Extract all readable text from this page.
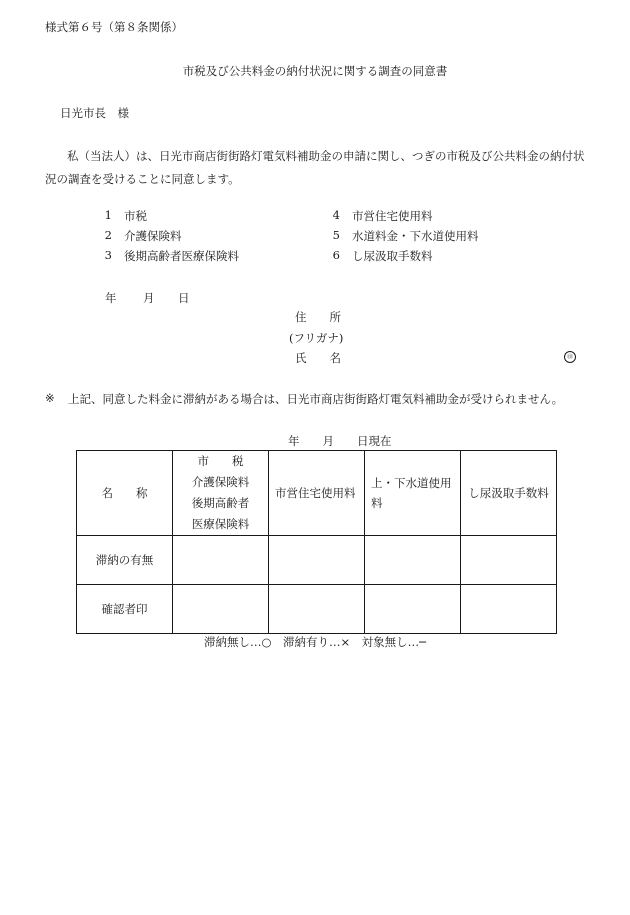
様式第６号（第８条関係）
市税及び公共料金の納付状況に関する調査の同意書
日光市長　様
私（当法人）は、日光市商店街街路灯電気料補助金の申請に関し、つぎの市税及び公共料金の納付状況の調査を受けることに同意します。
1 市税
2 介護保険料
3 後期高齢者医療保険料
4 市営住宅使用料
5 水道料金・下水道使用料
6 し尿汲取手数料
年 月 日
住　　所
(フリガナ)
氏　　名	㊞
※ 上記、同意した料金に滞納がある場合は、日光市商店街街路灯電気料補助金が受けられません。
年　　月　　日現在
名　　称	市　　税
介護保険料
後期高齢者
医療保険料	市営住宅使用料	上・下水道使用料	し尿汲取手数料
滞納の有無				
確認者印				
滞納無し…○　滞納有り…×　対象無し…─
